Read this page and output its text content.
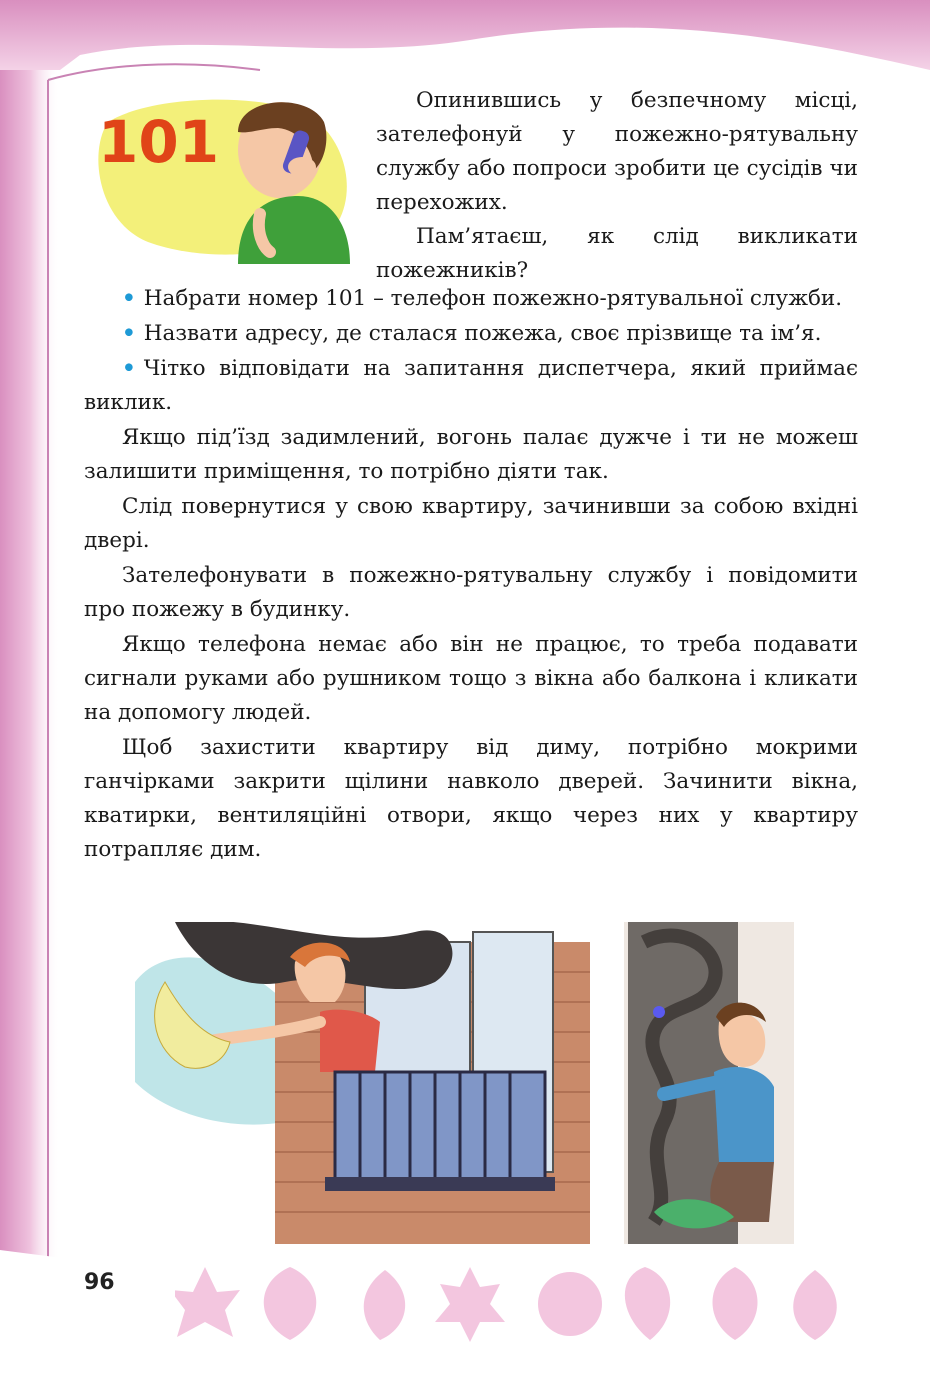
101

Опинившись у безпечному місці, зателефонуй у пожежно-рятувальну службу або попроси зробити це сусідів чи перехожих.

Пам’ятаєш, як слід викликати пожежників?

• Набрати номер 101 – телефон пожежно-рятувальної служби.

• Назвати адресу, де сталася пожежа, своє прізвище та ім’я.

• Чітко відповідати на запитання диспетчера, який приймає виклик.

Якщо під’їзд задимлений, вогонь палає дужче і ти не можеш залишити приміщення, то потрібно діяти так.

Слід повернутися у свою квартиру, зачинивши за собою вхідні двері.

Зателефонувати в пожежно-рятувальну службу і повідомити про пожежу в будинку.

Якщо телефона немає або він не працює, то треба подавати сигнали руками або рушником тощо з вікна або балкона і кликати на допомогу людей.

Щоб захистити квартиру від диму, потрібно мокрими ганчірками закрити щілини навколо дверей. Зачинити вікна, кватирки, вентиляційні отвори, якщо через них у квартиру потрапляє дим.

96
